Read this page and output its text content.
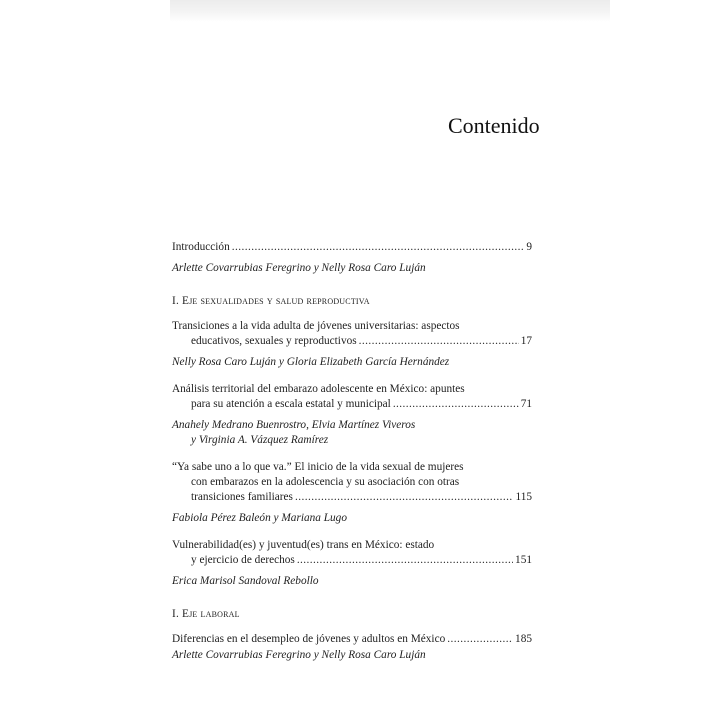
Contenido
Introducción . . .	9
Arlette Covarrubias Feregrino y Nelly Rosa Caro Luján
I. Eje sexualidades y salud reproductiva
Transiciones a la vida adulta de jóvenes universitarias: aspectos
educativos, sexuales y reproductivos . . .	17
Nelly Rosa Caro Luján y Gloria Elizabeth García Hernández
Análisis territorial del embarazo adolescente en México: apuntes
para su atención a escala estatal y municipal . . .	71
Anahely Medrano Buenrostro, Elvia Martínez Viveros
y Virginia A. Vázquez Ramírez
“Ya sabe uno a lo que va.” El inicio de la vida sexual de mujeres
con embarazos en la adolescencia y su asociación con otras
transiciones familiares . . .	115
Fabiola Pérez Baleón y Mariana Lugo
Vulnerabilidad(es) y juventud(es) trans en México: estado
y ejercicio de derechos . . .	151
Erica Marisol Sandoval Rebollo
I. Eje laboral
Diferencias en el desempleo de jóvenes y adultos en México . . .	185
Arlette Covarrubias Feregrino y Nelly Rosa Caro Luján
